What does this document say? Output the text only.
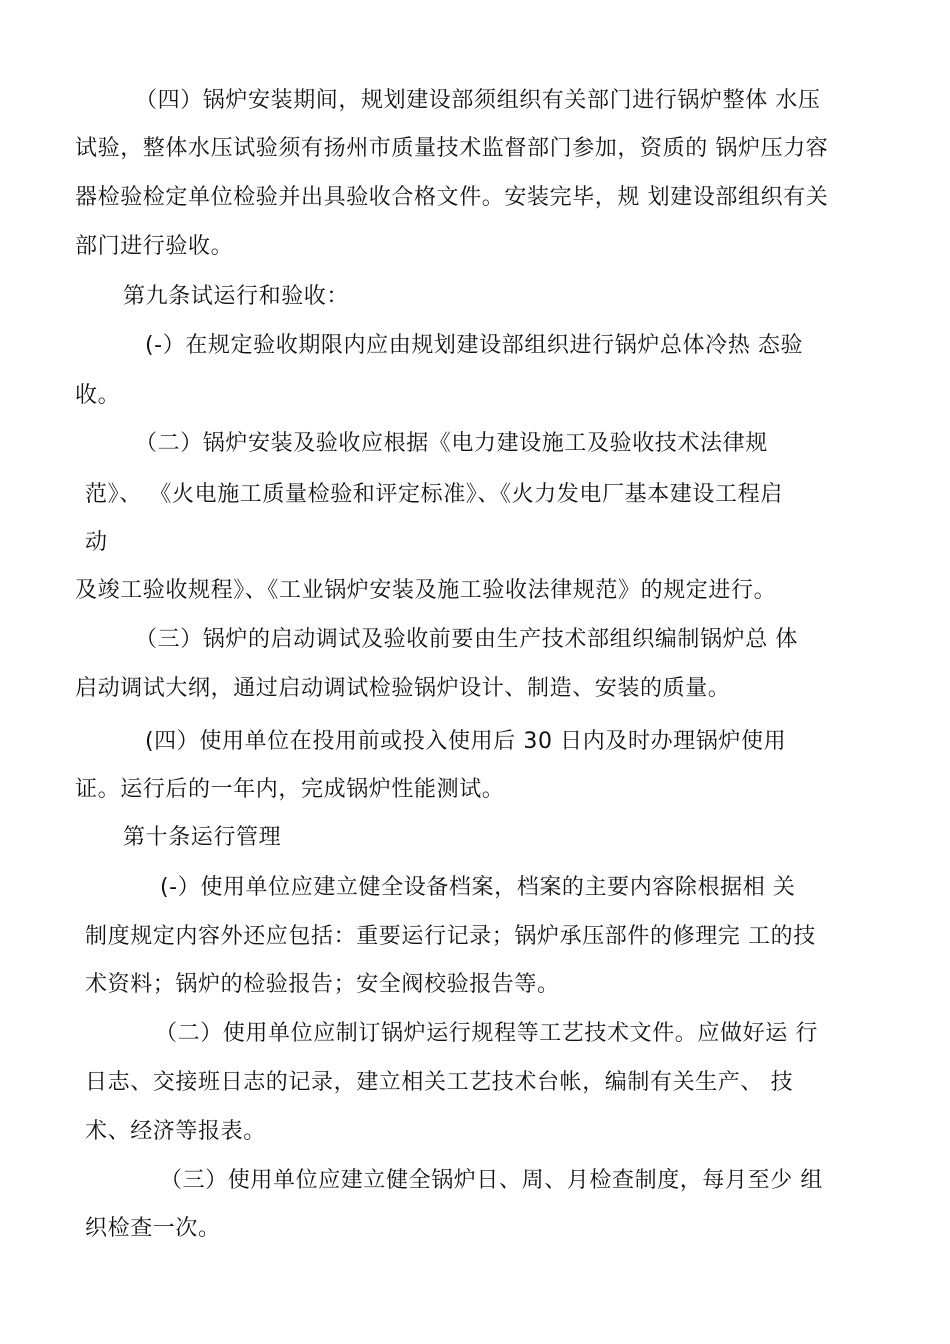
（四）锅炉安装期间，规划建设部须组织有关部门进行锅炉整体 水压
试验，整体水压试验须有扬州市质量技术监督部门参加，资质的 锅炉压力容
器检验检定单位检验并出具验收合格文件。安装完毕，规 划建设部组织有关
部门进行验收。
第九条试运行和验收：
(-）在规定验收期限内应由规划建设部组织进行锅炉总体冷热 态验
收。
（二）锅炉安装及验收应根据《电力建设施工及验收技术法律规
范》、 《火电施工质量检验和评定标准》、《火力发电厂基本建设工程启
动
及竣工验收规程》、《工业锅炉安装及施工验收法律规范》的规定进行。
（三）锅炉的启动调试及验收前要由生产技术部组织编制锅炉总 体
启动调试大纲，通过启动调试检验锅炉设计、制造、安装的质量。
(四）使用单位在投用前或投入使用后 30 日内及时办理锅炉使用
证。运行后的一年内，完成锅炉性能测试。
第十条运行管理
(-）使用单位应建立健全设备档案，档案的主要内容除根据相 关
制度规定内容外还应包括：重要运行记录；锅炉承压部件的修理完 工的技
术资料；锅炉的检验报告；安全阀校验报告等。
（二）使用单位应制订锅炉运行规程等工艺技术文件。应做好运 行
日志、交接班日志的记录，建立相关工艺技术台帐，编制有关生产、 技
术、经济等报表。
（三）使用单位应建立健全锅炉日、周、月检查制度，每月至少 组
织检查一次。
